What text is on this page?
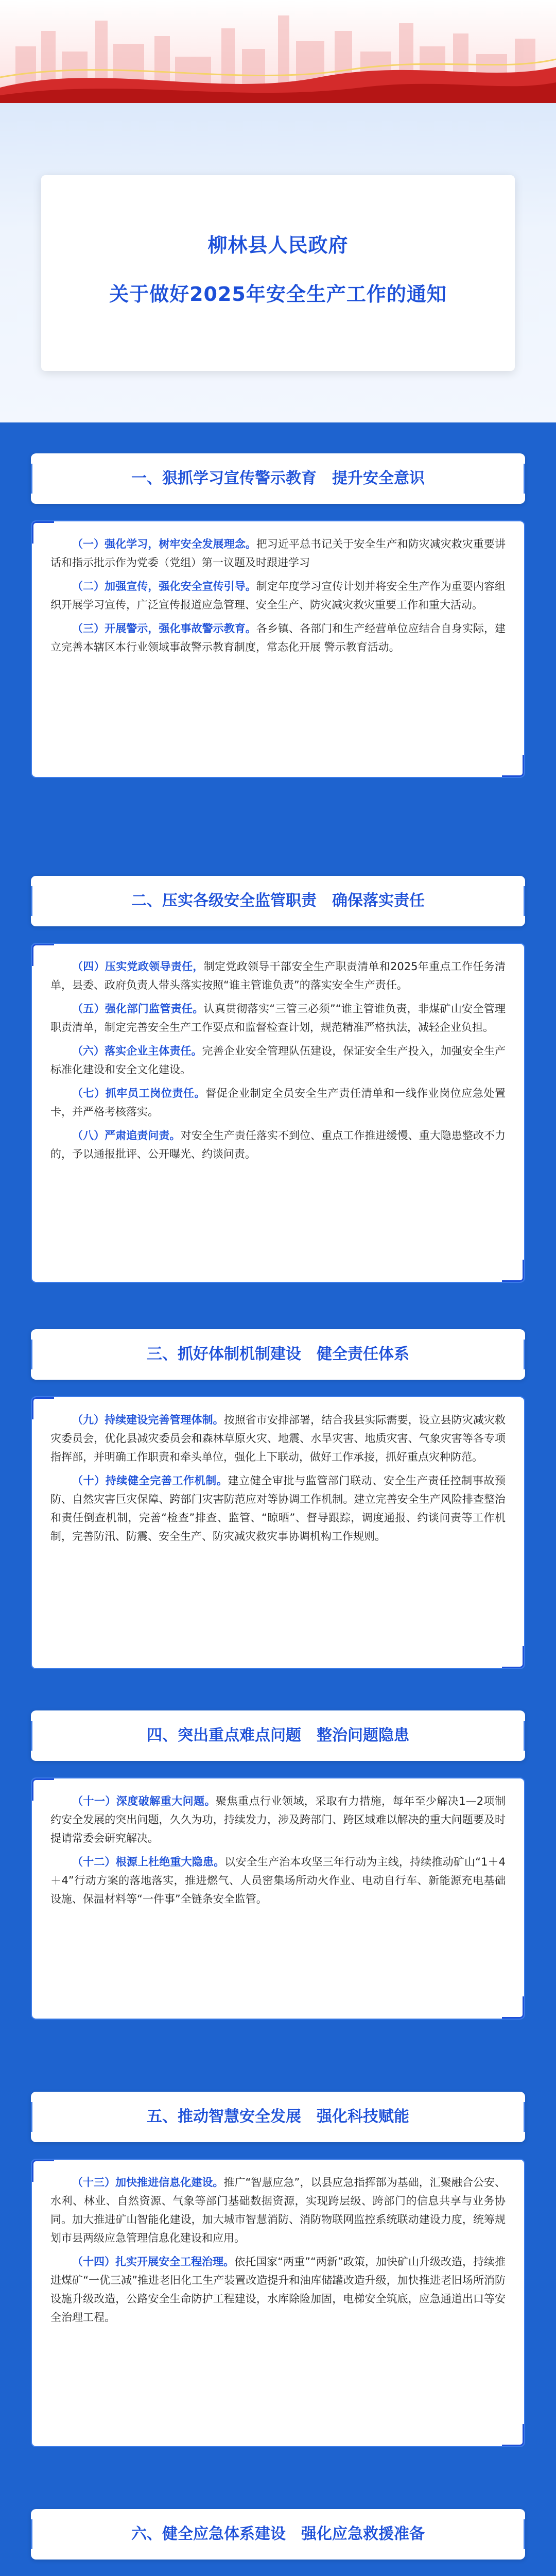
柳林县人民政府
关于做好2025年安全生产工作的通知
一、狠抓学习宣传警示教育　提升安全意识

（一）强化学习，树牢安全发展理念。把习近平总书记关于安全生产和防灾减灾救灾重要讲话和指示批示作为党委（党组）第一议题及时跟进学习

（二）加强宣传，强化安全宣传引导。制定年度学习宣传计划并将安全生产作为重要内容组织开展学习宣传，广泛宣传报道应急管理、安全生产、防灾减灾救灾重要工作和重大活动。

（三）开展警示，强化事故警示教育。各乡镇、各部门和生产经营单位应结合自身实际，建立完善本辖区本行业领域事故警示教育制度，常态化开展 警示教育活动。

二、压实各级安全监管职责　确保落实责任

（四）压实党政领导责任，制定党政领导干部安全生产职责清单和2025年重点工作任务清单，县委、政府负责人带头落实按照“谁主管谁负责”的落实安全生产责任。

（五）强化部门监管责任。认真贯彻落实“三管三必须”“谁主管谁负责，非煤矿山安全管理职责清单，制定完善安全生产工作要点和监督检查计划，规范精准严格执法，减轻企业负担。

（六）落实企业主体责任。完善企业安全管理队伍建设，保证安全生产投入，加强安全生产标准化建设和安全文化建设。

（七）抓牢员工岗位责任。督促企业制定全员安全生产责任清单和一线作业岗位应急处置卡，并严格考核落实。

（八）严肃追责问责。对安全生产责任落实不到位、重点工作推进缓慢、重大隐患整改不力的，予以通报批评、公开曝光、约谈问责。

三、抓好体制机制建设　健全责任体系

（九）持续建设完善管理体制。按照省市安排部署，结合我县实际需要，设立县防灾减灾救灾委员会，优化县减灾委员会和森林草原火灾、地震、水旱灾害、地质灾害、气象灾害等各专项指挥部，并明确工作职责和牵头单位，强化上下联动，做好工作承接，抓好重点灾种防范。

（十）持续健全完善工作机制。建立健全审批与监管部门联动、安全生产责任控制事故预防、自然灾害巨灾保障、跨部门灾害防范应对等协调工作机制。建立完善安全生产风险排查整治和责任倒查机制，完善“检查”排查、监管、“晾晒”、督导跟踪，调度通报、约谈问责等工作机制，完善防汛、防震、安全生产、防灾减灾救灾事协调机构工作规则。

四、突出重点难点问题　整治问题隐患

（十一）深度破解重大问题。聚焦重点行业领域，采取有力措施，每年至少解决1—2项制约安全发展的突出问题，久久为功，持续发力，涉及跨部门、跨区域难以解决的重大问题要及时提请常委会研究解决。

（十二）根源上杜绝重大隐患。以安全生产治本攻坚三年行动为主线，持续推动矿山“1＋4＋4”行动方案的落地落实，推进燃气、人员密集场所动火作业、电动自行车、新能源充电基础设施、保温材料等“一件事”全链条安全监管。

五、推动智慧安全发展　强化科技赋能

（十三）加快推进信息化建设。推广“智慧应急”，以县应急指挥部为基础，汇聚融合公安、水利、林业、自然资源、气象等部门基础数据资源，实现跨层级、跨部门的信息共享与业务协同。加大推进矿山智能化建设，加大城市智慧消防、消防物联网监控系统联动建设力度，统筹规划市县两级应急管理信息化建设和应用。

（十四）扎实开展安全工程治理。依托国家“两重”“两新”政策，加快矿山升级改造，持续推进煤矿“一优三减”推进老旧化工生产装置改造提升和油库储罐改造升级，加快推进老旧场所消防设施升级改造，公路安全生命防护工程建设，水库除险加固，电梯安全筑底，应急通道出口等安全治理工程。

六、健全应急体系建设　强化应急救援准备
